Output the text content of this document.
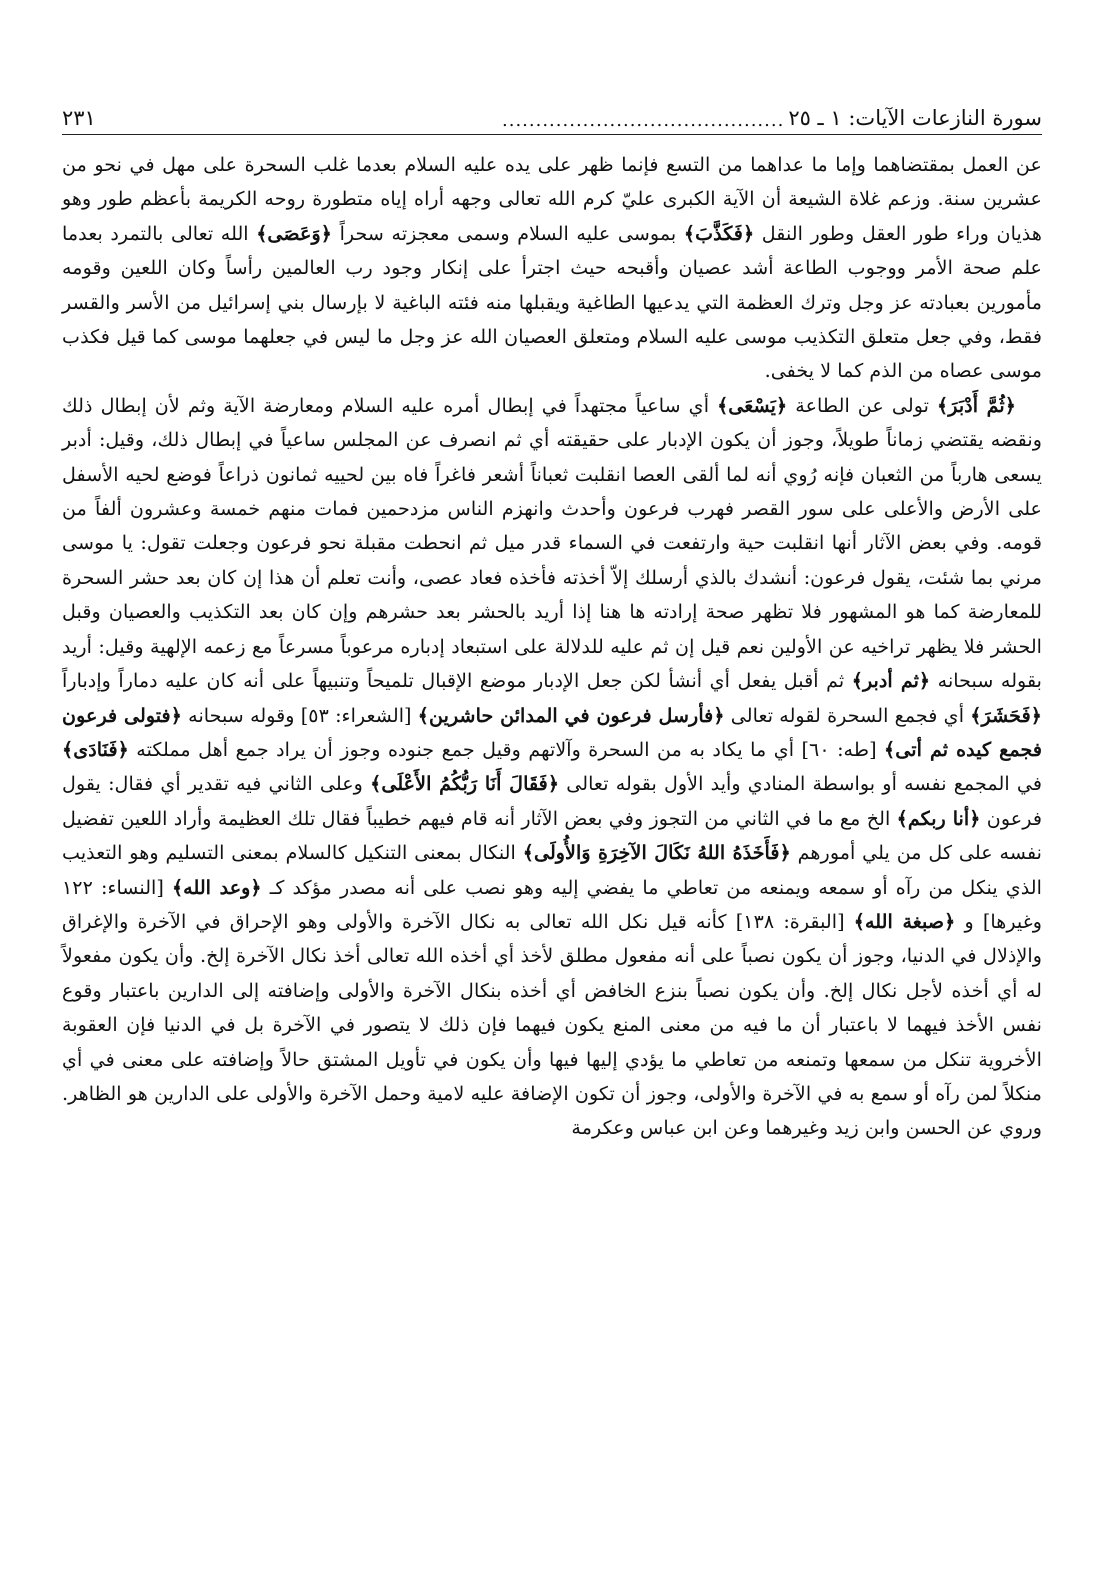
سورة النازعات الآيات: ١ ـ ٢٥
..........................................
٢٣١

عن العمل بمقتضاهما وإما ما عداهما من التسع فإنما ظهر على يده عليه السلام بعدما غلب السحرة على مهل في نحو من عشرين سنة. وزعم غلاة الشيعة أن الآية الكبرى عليّ كرم الله تعالى وجهه أراه إياه متطورة روحه الكريمة بأعظم طور وهو هذيان وراء طور العقل وطور النقل ﴿فَكَذَّبَ﴾ بموسى عليه السلام وسمى معجزته سحراً ﴿وَعَصَى﴾ الله تعالى بالتمرد بعدما علم صحة الأمر ووجوب الطاعة أشد عصيان وأقبحه حيث اجترأ على إنكار وجود رب العالمين رأساً وكان اللعين وقومه مأمورين بعبادته عز وجل وترك العظمة التي يدعيها الطاغية ويقبلها منه فئته الباغية لا بإرسال بني إسرائيل من الأسر والقسر فقط، وفي جعل متعلق التكذيب موسى عليه السلام ومتعلق العصيان الله عز وجل ما ليس في جعلهما موسى كما قيل فكذب موسى عصاه من الذم كما لا يخفى.

﴿ثُمَّ أَدْبَرَ﴾ تولى عن الطاعة ﴿يَسْعَى﴾ أي ساعياً مجتهداً في إبطال أمره عليه السلام ومعارضة الآية وثم لأن إبطال ذلك ونقضه يقتضي زماناً طويلاً، وجوز أن يكون الإدبار على حقيقته أي ثم انصرف عن المجلس ساعياً في إبطال ذلك، وقيل: أدبر يسعى هارباً من الثعبان فإنه رُوي أنه لما ألقى العصا انقلبت ثعباناً أشعر فاغراً فاه بين لحييه ثمانون ذراعاً فوضع لحيه الأسفل على الأرض والأعلى على سور القصر فهرب فرعون وأحدث وانهزم الناس مزدحمين فمات منهم خمسة وعشرون ألفاً من قومه. وفي بعض الآثار أنها انقلبت حية وارتفعت في السماء قدر ميل ثم انحطت مقبلة نحو فرعون وجعلت تقول: يا موسى مرني بما شئت، يقول فرعون: أنشدك بالذي أرسلك إلاّ أخذته فأخذه فعاد عصى، وأنت تعلم أن هذا إن كان بعد حشر السحرة للمعارضة كما هو المشهور فلا تظهر صحة إرادته ها هنا إذا أريد بالحشر بعد حشرهم وإن كان بعد التكذيب والعصيان وقبل الحشر فلا يظهر تراخيه عن الأولين نعم قيل إن ثم عليه للدلالة على استبعاد إدباره مرعوباً مسرعاً مع زعمه الإلهية وقيل: أريد بقوله سبحانه ﴿ثم أدبر﴾ ثم أقبل يفعل أي أنشأ لكن جعل الإدبار موضع الإقبال تلميحاً وتنبيهاً على أنه كان عليه دماراً وإدباراً ﴿فَحَشَرَ﴾ أي فجمع السحرة لقوله تعالى ﴿فأرسل فرعون في المدائن حاشرين﴾ [الشعراء: ٥٣] وقوله سبحانه ﴿فتولى فرعون فجمع كيده ثم أتى﴾ [طه: ٦٠] أي ما يكاد به من السحرة وآلاتهم وقيل جمع جنوده وجوز أن يراد جمع أهل مملكته ﴿فَنَادَى﴾ في المجمع نفسه أو بواسطة المنادي وأيد الأول بقوله تعالى ﴿فَقَالَ أَنَا رَبُّكُمُ الأَعْلَى﴾ وعلى الثاني فيه تقدير أي فقال: يقول فرعون ﴿أنا ربكم﴾ الخ مع ما في الثاني من التجوز وفي بعض الآثار أنه قام فيهم خطيباً فقال تلك العظيمة وأراد اللعين تفضيل نفسه على كل من يلي أمورهم ﴿فَأَخَذَهُ اللهُ نَكَالَ الآخِرَةِ وَالأُولَى﴾ النكال بمعنى التنكيل كالسلام بمعنى التسليم وهو التعذيب الذي ينكل من رآه أو سمعه ويمنعه من تعاطي ما يفضي إليه وهو نصب على أنه مصدر مؤكد كـ ﴿وعد الله﴾ [النساء: ١٢٢ وغيرها] و ﴿صبغة الله﴾ [البقرة: ١٣٨] كأنه قيل نكل الله تعالى به نكال الآخرة والأولى وهو الإحراق في الآخرة والإغراق والإذلال في الدنيا، وجوز أن يكون نصباً على أنه مفعول مطلق لأخذ أي أخذه الله تعالى أخذ نكال الآخرة إلخ. وأن يكون مفعولاً له أي أخذه لأجل نكال إلخ. وأن يكون نصباً بنزع الخافض أي أخذه بنكال الآخرة والأولى وإضافته إلى الدارين باعتبار وقوع نفس الأخذ فيهما لا باعتبار أن ما فيه من معنى المنع يكون فيهما فإن ذلك لا يتصور في الآخرة بل في الدنيا فإن العقوبة الأخروية تنكل من سمعها وتمنعه من تعاطي ما يؤدي إليها فيها وأن يكون في تأويل المشتق حالاً وإضافته على معنى في أي منكلاً لمن رآه أو سمع به في الآخرة والأولى، وجوز أن تكون الإضافة عليه لامية وحمل الآخرة والأولى على الدارين هو الظاهر. وروي عن الحسن وابن زيد وغيرهما وعن ابن عباس وعكرمة
